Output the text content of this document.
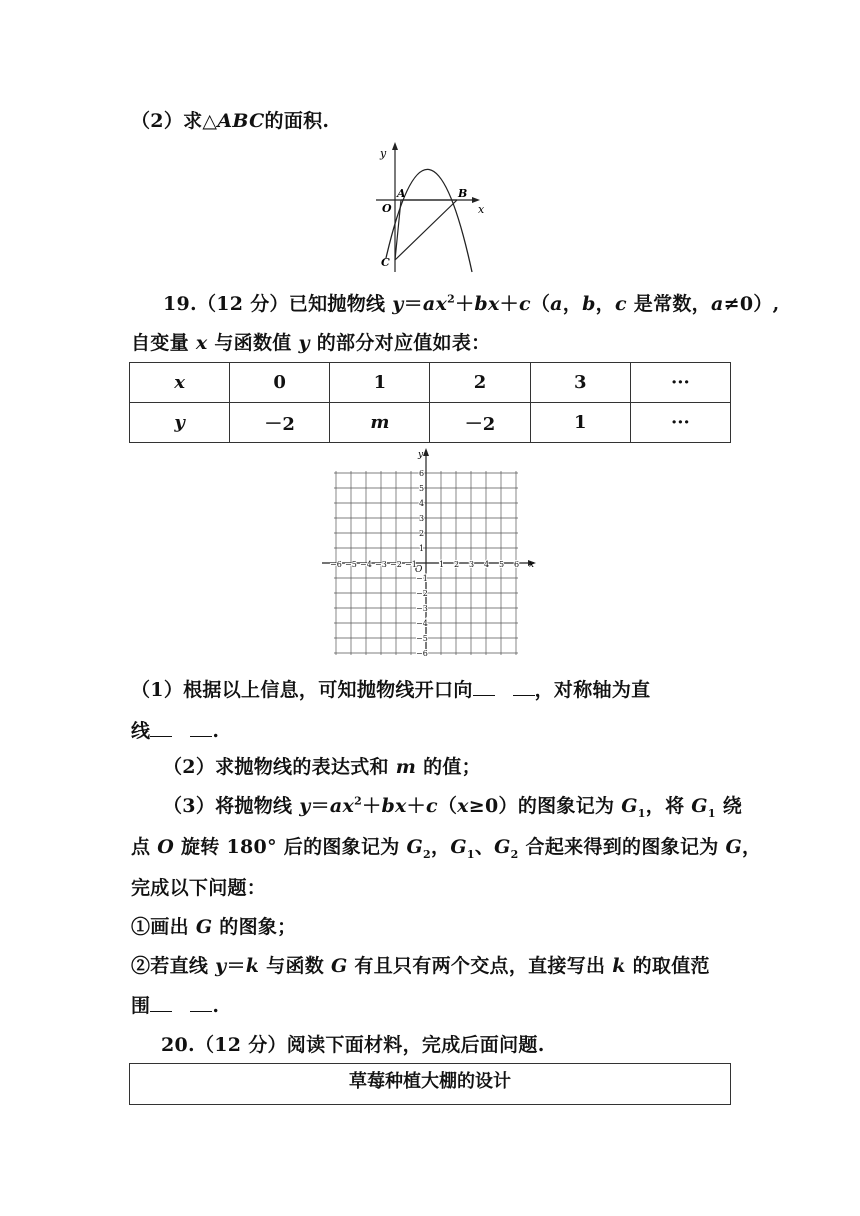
（2）求△ABC的面积.
y
x
O
A	B
C
19.（12 分）已知抛物线 $y=ax^2+bx+c(a$，b，c 是常数，a≠0）,
自变量 x 与函数值 y 的部分对应值如表：
x	0	1	2	3	···
y	－2	m	－2	1	···
y
x
O
−6 −5 −4 −3 −2 −1	1 2 3 4 5 6
6
5
4
3
2
1
−1
−2
−3
−4
−5
−6
（1）根据以上信息，可知抛物线开口向	，对称轴为直
线	.
（2）求抛物线的表达式和 m 的值；
（3）将抛物线 $y=ax^2+bx+c(x\ge 0)$的图象记为 $G_1$，将 $G_1$ 绕
点 O 旋转 180° 后的图象记为 $G_2$，$G_1$、$G_2$ 合起来得到的图象记为 G，
完成以下问题：
①画出 G 的图象；
②若直线 y＝k 与函数 G 有且只有两个交点，直接写出 k 的取值范
围	.
20.（12 分）阅读下面材料，完成后面问题.
草莓种植大棚的设计
